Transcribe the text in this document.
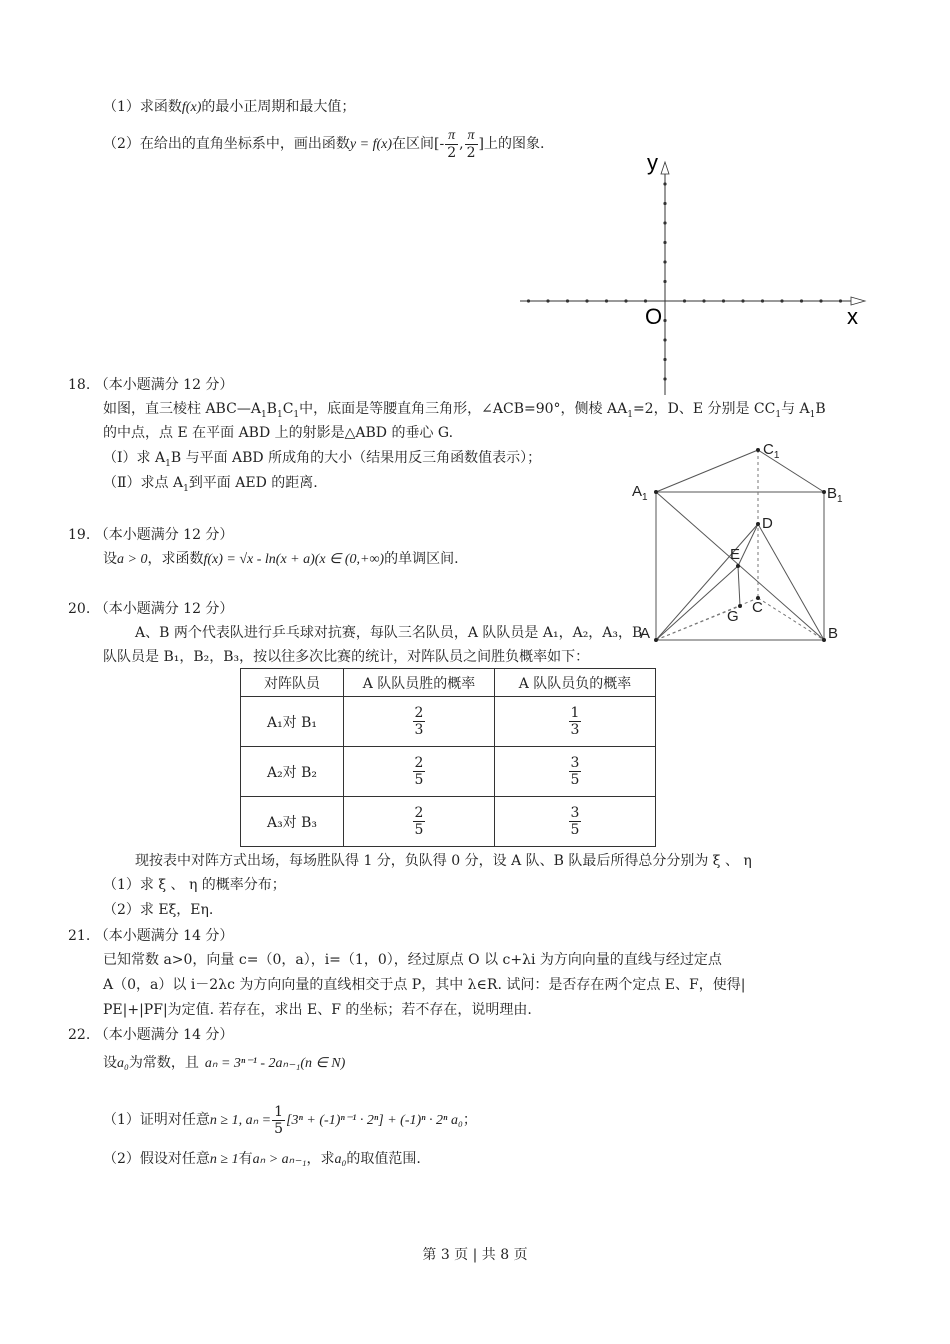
（1）求函数f(x)的最小正周期和最大值；
（2）在给出的直角坐标系中，画出函数y = f(x)在区间[- $\frac{\pi}{2}$ , $\frac{\pi}{2}$ ]上的图象.
y
x
O
18. （本小题满分 12 分）
如图，直三棱柱 $ABC—A_1B_1C_1$中，底面是等腰直角三角形，∠ACB=90°，侧棱 $AA_1=2$，D、E 分别是 $CC_1$与 $A_1B$
的中点，点 E 在平面 ABD 上的射影是△ABD 的垂心 G.
（Ⅰ）求 $A_1B$ 与平面 ABD 所成角的大小（结果用反三角函数值表示）；
（Ⅱ）求点 $A_1$到平面 AED 的距离.
$C_1$
$A_1$	$B_1$
D
E
G
C
A	B
19. （本小题满分 12 分）
设a > 0，求函数f(x) = √x - ln(x + a)(x ∈ (0,+∞)的单调区间.
20. （本小题满分 12 分）
A、B 两个代表队进行乒乓球对抗赛，每队三名队员，A 队队员是 A₁，A₂，A₃，B
队队员是 B₁，B₂，B₃，按以往多次比赛的统计，对阵队员之间胜负概率如下：
对阵队员	A 队队员胜的概率	A 队队员负的概率
A₁对 B₁	$\frac{2}{3}$	$\frac{1}{3}$

A₂对 B₂	$\frac{2}{5}$	$\frac{3}{5}$

A₃对 B₃	$\frac{2}{5}$	$\frac{3}{5}$
现按表中对阵方式出场，每场胜队得 1 分，负队得 0 分，设 A 队、B 队最后所得总分分别为 ξ 、 η
（1）求 ξ 、 η 的概率分布；
（2）求 Eξ，Eη.
21. （本小题满分 14 分）
已知常数 a>0，向量 c=（0，a），i=（1，0），经过原点 O 以 c+λi 为方向向量的直线与经过定点
A（0，a）以 i－2λc 为方向向量的直线相交于点 P，其中 λ∈R. 试问：是否存在两个定点 E、F，使得|
PE|+|PF|为定值. 若存在，求出 E、F 的坐标；若不存在，说明理由.
22. （本小题满分 14 分）
设a₀为常数，且 aₙ = 3ⁿ⁻¹ - 2aₙ₋₁(n ∈ N)
（1）证明对任意n ≥ 1, $a_n = \frac{1}{5} [3^n + (-1)^{n-1} \cdot 2^n] + (-1)^n \cdot 2^n$ a₀；
（2）假设对任意n ≥ 1有aₙ > aₙ₋₁，求a₀的取值范围.
第 3 页 | 共 8 页
